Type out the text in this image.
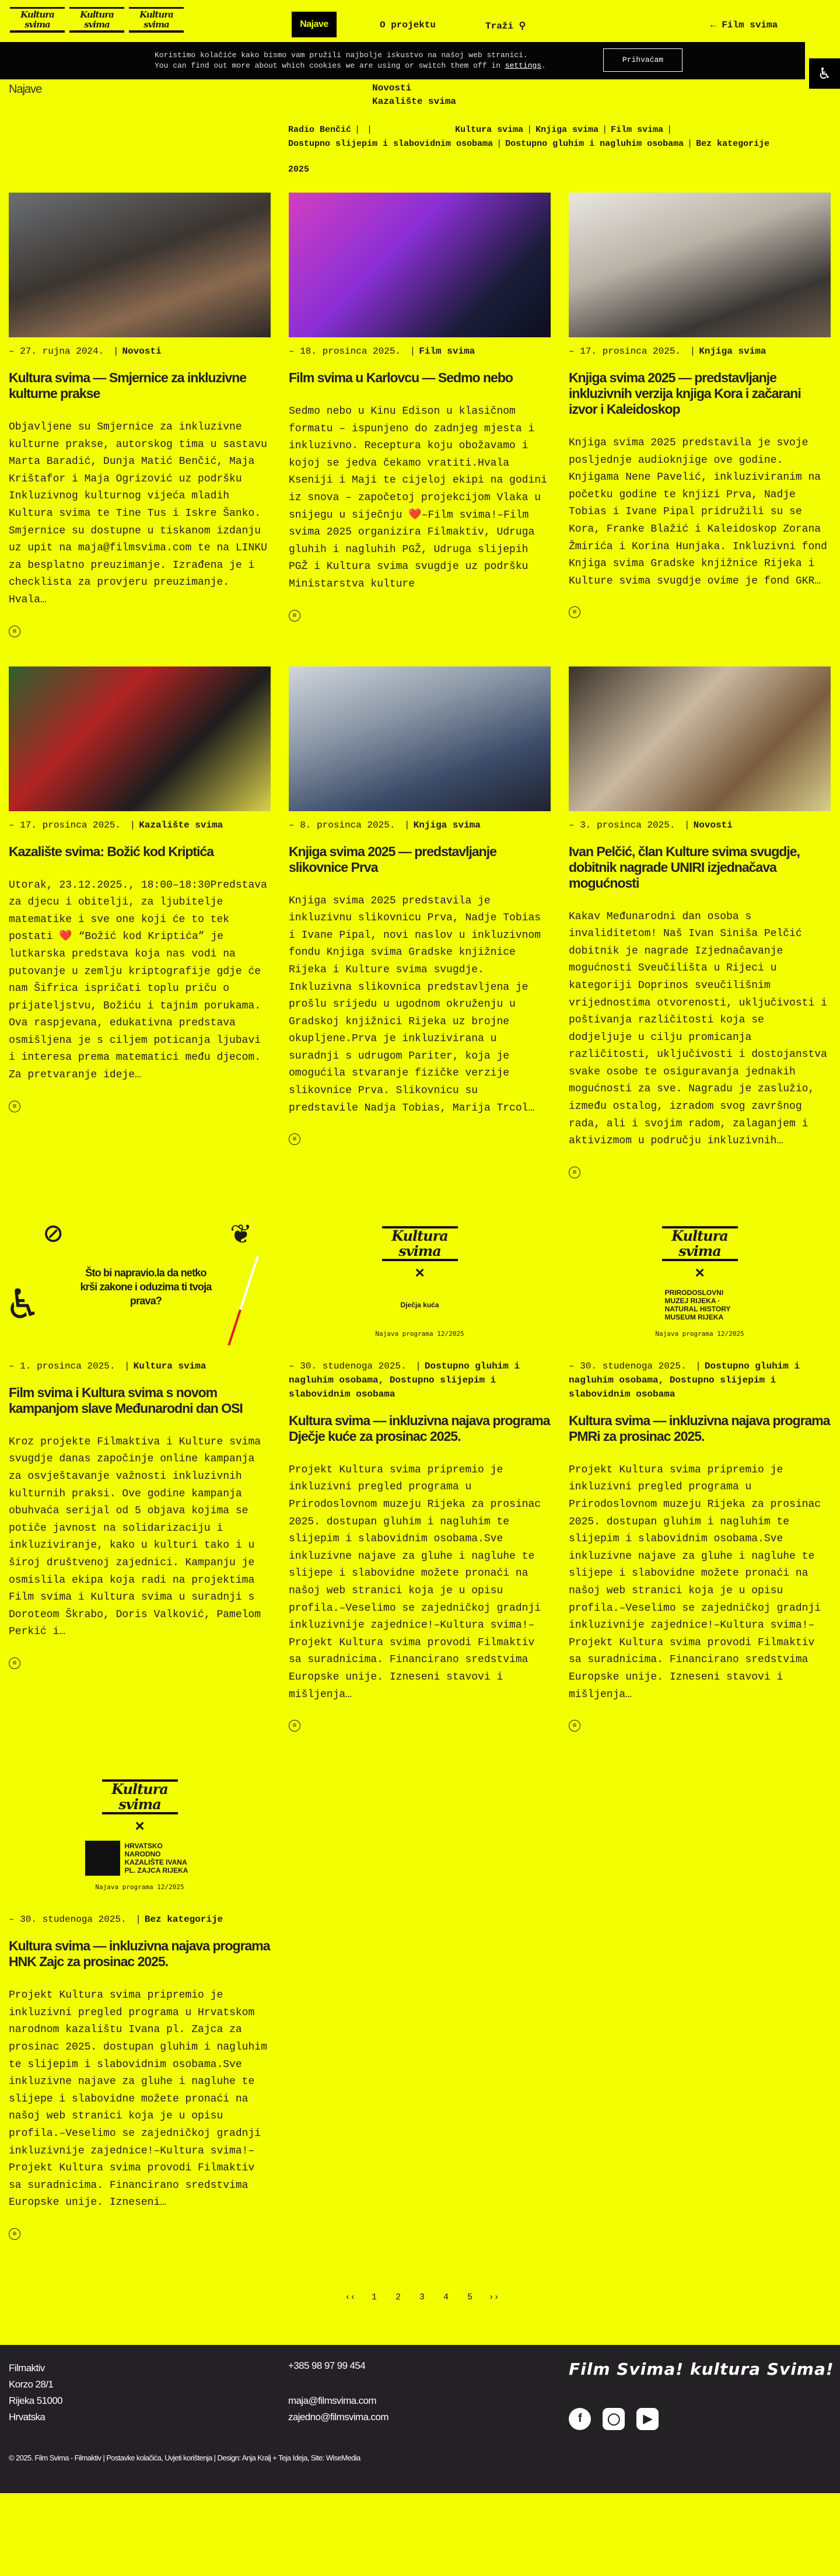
Kultura
svima
Kultura
svima
Kultura
svima	Najave	O projektu	Traži ⚲	← Film svima
♿
Koristimo kolačiće kako bismo vam pružili najbolje iskustvo na našoj web stranici.
You can find out more about which cookies we are using or switch them off in settings.
Prihvaćam
Najave	Novosti
Kazalište svima
Radio Benčić | |	Kultura svima | Knjiga svima | Film svima |
Dostupno slijepim i slabovidnim osobama | Dostupno gluhim i nagluhim osobama | Bez kategorije
2025
– 27. rujna 2024. | Novosti
Kultura svima — Smjernice za inkluzivne kulturne prakse

Objavljene su Smjernice za inkluzivne kulturne prakse, autorskog tima u sastavu Marta Baradić, Dunja Matić Benčić, Maja Krištafor i Maja Ogrizović uz podršku Inkluzivnog kulturnog vijeća mladih Kultura svima te Tine Tus i Iskre Šanko. Smjernice su dostupne u tiskanom izdanju uz upit na maja@filmsvima.com te na LINKU za besplatno preuzimanje. Izrađena je i checklista za provjeru preuzimanje. Hvala…

≡
– 18. prosinca 2025. | Film svima
Film svima u Karlovcu — Sedmo nebo

Sedmo nebo u Kinu Edison u klasičnom formatu – ispunjeno do zadnjeg mjesta i inkluzivno. Receptura koju obožavamo i kojoj se jedva čekamo vratiti.Hvala Kseniji i Maji te cijeloj ekipi na godini iz snova – započetoj projekcijom Vlaka u snijegu u siječnju ❤️–Film svima!–Film svima 2025 organizira Filmaktiv, Udruga gluhih i nagluhih PGŽ, Udruga slijepih PGŽ i Kultura svima svugdje uz podršku Ministarstva kulture

≡
– 17. prosinca 2025. | Knjiga svima
Knjiga svima 2025 — predstavljanje inkluzivnih verzija knjiga Kora i začarani izvor i Kaleidoskop

Knjiga svima 2025 predstavila je svoje posljednje audioknjige ove godine. Knjigama Nene Pavelić, inkluziviranim na početku godine te knjizi Prva, Nadje Tobias i Ivane Pipal pridružili su se Kora, Franke Blažić i Kaleidoskop Zorana Žmirića i Korina Hunjaka. Inkluzivni fond Knjiga svima Gradske knjižnice Rijeka i Kulture svima svugdje ovime je fond GKR…

≡
– 17. prosinca 2025. | Kazalište svima
Kazalište svima: Božić kod Kriptića

Utorak, 23.12.2025., 18:00–18:30Predstava za djecu i obitelji, za ljubitelje matematike i sve one koji će to tek postati ❤️ “Božić kod Kriptića” je lutkarska predstava koja nas vodi na putovanje u zemlju kriptografije gdje će nam Šifrica ispričati toplu priču o prijateljstvu, Božiću i tajnim porukama. Ova raspjevana, edukativna predstava osmišljena je s ciljem poticanja ljubavi i interesa prema matematici među djecom. Za pretvaranje ideje…

≡
– 8. prosinca 2025. | Knjiga svima
Knjiga svima 2025 — predstavljanje slikovnice Prva

Knjiga svima 2025 predstavila je inkluzivnu slikovnicu Prva, Nadje Tobias i Ivane Pipal, novi naslov u inkluzivnom fondu Knjiga svima Gradske knjižnice Rijeka i Kulture svima svugdje. Inkluzivna slikovnica predstavljena je prošlu srijedu u ugodnom okruženju u Gradskoj knjižnici Rijeka uz brojne okupljene.Prva je inkluzivirana u suradnji s udrugom Pariter, koja je omogućila stvaranje fizičke verzije slikovnice Prva. Slikovnicu su predstavile Nadja Tobias, Marija Trcol…

≡
– 3. prosinca 2025. | Novosti
Ivan Pelčić, član Kulture svima svugdje, dobitnik nagrade UNIRI izjednačava mogućnosti

Kakav Međunarodni dan osoba s invaliditetom! Naš Ivan Siniša Pelčić dobitnik je nagrade Izjednačavanje mogućnosti Sveučilišta u Rijeci u kategoriji Doprinos sveučilišnim vrijednostima otvorenosti, uključivosti i poštivanja različitosti koja se dodjeljuje u cilju promicanja različitosti, uključivosti i dostojanstva svake osobe te osiguravanja jednakih mogućnosti za sve. Nagradu je zaslužio, između ostalog, izradom svog završnog rada, ali i svojim radom, zalaganjem i aktivizmom u području inkluzivnih…

≡
⊘	❦
♿
Što bi napravio.la da netko krši zakone i oduzima ti tvoja prava?
– 1. prosinca 2025. | Kultura svima
Film svima i Kultura svima s novom kampanjom slave Međunarodni dan OSI

Kroz projekte Filmaktiva i Kulture svima svugdje danas započinje online kampanja za osvještavanje važnosti inkluzivnih kulturnih praksi. Ove godine kampanja obuhvaća serijal od 5 objava kojima se potiče javnost na solidarizaciju i inkluziviranje, kako u kulturi tako i u široj društvenoj zajednici. Kampanju je osmislila ekipa koja radi na projektima Film svima i Kultura svima u suradnji s Doroteom Škrabo, Doris Valković, Pamelom Perkić i…

≡
Kultura
svima
×
Dječja kuća
Najava programa 12/2025
– 30. studenoga 2025. | Dostupno gluhim i nagluhim osobama, Dostupno slijepim i slabovidnim osobama
Kultura svima — inkluzivna najava programa Dječje kuće za prosinac 2025.

Projekt Kultura svima pripremio je inkluzivni pregled programa u Prirodoslovnom muzeju Rijeka za prosinac 2025. dostupan gluhim i nagluhim te slijepim i slabovidnim osobama.Sve inkluzivne najave za gluhe i nagluhe te slijepe i slabovidne možete pronaći na našoj web stranici koja je u opisu profila.–Veselimo se zajedničkoj gradnji inkluzivnije zajednice!–Kultura svima!–Projekt Kultura svima provodi Filmaktiv sa suradnicima. Financirano sredstvima Europske unije. Izneseni stavovi i mišljenja…

≡
Kultura
svima
×
PRIRODOSLOVNI MUZEJ RIJEKA · NATURAL HISTORY MUSEUM RIJEKA
Najava programa 12/2025
– 30. studenoga 2025. | Dostupno gluhim i nagluhim osobama, Dostupno slijepim i slabovidnim osobama
Kultura svima — inkluzivna najava programa PMRi za prosinac 2025.

Projekt Kultura svima pripremio je inkluzivni pregled programa u Prirodoslovnom muzeju Rijeka za prosinac 2025. dostupan gluhim i nagluhim te slijepim i slabovidnim osobama.Sve inkluzivne najave za gluhe i nagluhe te slijepe i slabovidne možete pronaći na našoj web stranici koja je u opisu profila.–Veselimo se zajedničkoj gradnji inkluzivnije zajednice!–Kultura svima!–Projekt Kultura svima provodi Filmaktiv sa suradnicima. Financirano sredstvima Europske unije. Izneseni stavovi i mišljenja…

≡
Kultura
svima
×
HRVATSKO NARODNO KAZALIŠTE IVANA PL. ZAJCA RIJEKA
Najava programa 12/2025
– 30. studenoga 2025. | Bez kategorije
Kultura svima — inkluzivna najava programa HNK Zajc za prosinac 2025.

Projekt Kultura svima pripremio je inkluzivni pregled programa u Hrvatskom narodnom kazalištu Ivana pl. Zajca za prosinac 2025. dostupan gluhim i nagluhim te slijepim i slabovidnim osobama.Sve inkluzivne najave za gluhe i nagluhe te slijepe i slabovidne možete pronaći na našoj web stranici koja je u opisu profila.–Veselimo se zajedničkoj gradnji inkluzivnije zajednice!–Kultura svima!–Projekt Kultura svima provodi Filmaktiv sa suradnicima. Financirano sredstvima Europske unije. Izneseni…

≡
‹‹	1	2	3	4	5	››
Filmaktiv
Korzo 28/1
Rijeka 51000
Hrvatska
+385 98 97 99 454
maja@filmsvima.com
zajedno@filmsvima.com
Film Svima! kultura Svima!
f	◯	▶
© 2025. Film Svima - Filmaktiv | Postavke kolačića, Uvjeti korištenja | Design: Anja Kralj + Teja Ideja, Site: WiseMedia
